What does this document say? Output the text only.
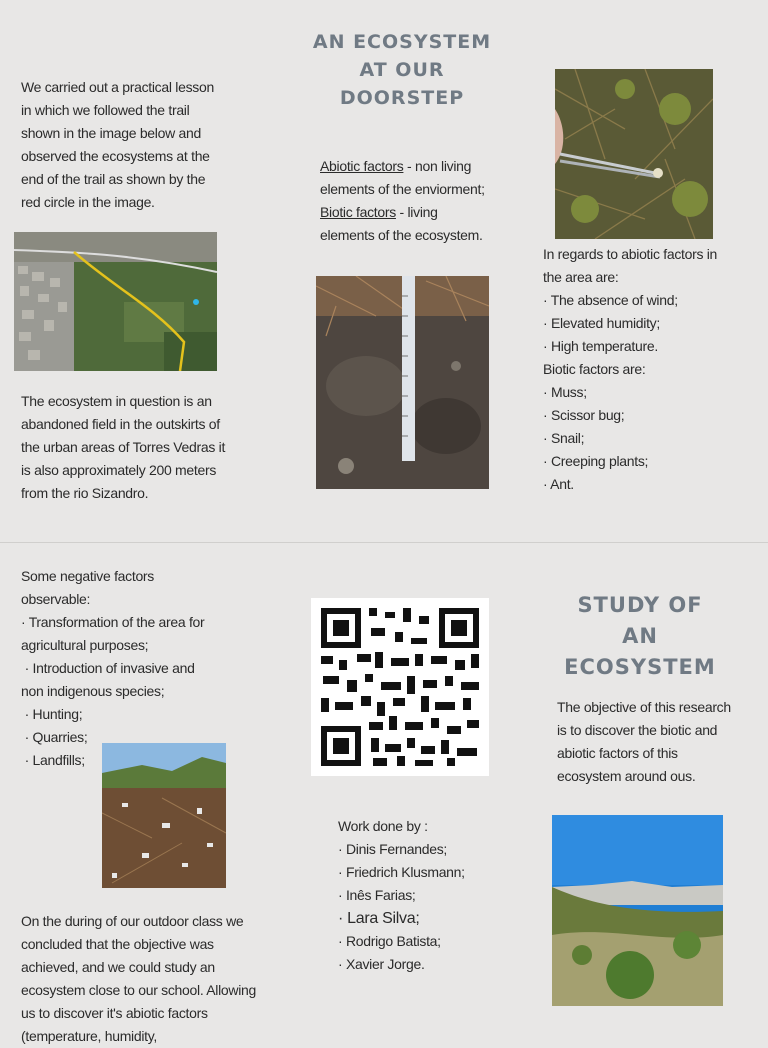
AN ECOSYSTEM
AT OUR
DOORSTEP
We carried out a practical lesson in which we followed the trail shown in the image below and observed the ecosystems at the end of the trail as shown by the red circle in the image.
The ecosystem in question is an abandoned field in the outskirts of the urban areas of Torres Vedras it is also approximately 200 meters from the rio Sizandro.
Abiotic factors - non living elements of the enviorment;
Biotic factors - living elements of the ecosystem.
In regards to abiotic factors in the area are:
· The absence of wind;
· Elevated humidity;
· High temperature.
Biotic factors are:
· Muss;
· Scissor bug;
· Snail;
· Creeping plants;
· Ant.
Some negative factors observable:
· Transformation of the area for agricultural purposes;
· Introduction of invasive and non indigenous species;
· Hunting;
· Quarries;
· Landfills;
On the during of our outdoor class we concluded that the objective was achieved, and we could study an ecosystem close to our school. Allowing us to discover it's abiotic factors (temperature, humidity,
Work done by :
· Dinis Fernandes;
· Friedrich Klusmann;
· Inês Farias;
· Lara Silva;
· Rodrigo Batista;
· Xavier Jorge.
STUDY OF
AN
ECOSYSTEM
The objective of this research is to discover the biotic and abiotic factors of this ecosystem around ous.
